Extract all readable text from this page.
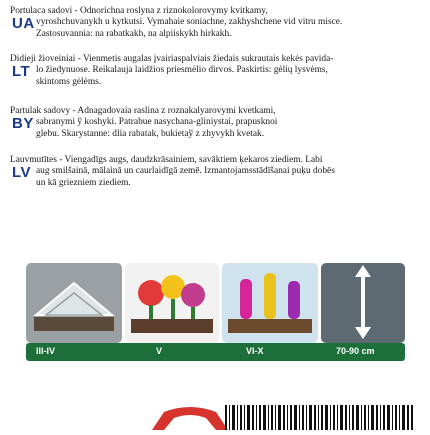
UA
Portulaca sadovi - Odnorichna roslyna z riznokolorovymy kvitkamy,
vyroshchuvanykh u kytkutsi. Vymahaie soniachne, zakhyshchene vid vitru misce.
Zastosuvannia: na rabatkakh, na alpiiskykh hirkakh.
LT
Didieji žioveiniai - Vienmetis augalas įvairiaspalviais žiedais sukrautais kekės pavida-
lo žiedynuose. Reikalauja laidžios priesmėlio dirvos. Paskirtis: gėlių lysvėms,
skintoms gėlėms.
BY
Partulak sadovy - Adnagadovaia raslina z roznakalyarovymi kvetkami,
sabranymi ў koshyki. Patrabue nasychana-gliniystai, prapusknoi
glebu. Skarystanne: dlia rabatak, bukietaў z zhyvykh kvetak.
LV
Lauvmutītes - Viengadīgs augs, daudzkrāsainiem, savāktiem ķekaros ziediem. Labi
aug smilšainā, mālainā un caurlaidīgā zemē. Izmantojamsstādīšanai puķu dobēs
un kā griezniem ziediem.
III-IV	V	VI-X	70-90 cm
